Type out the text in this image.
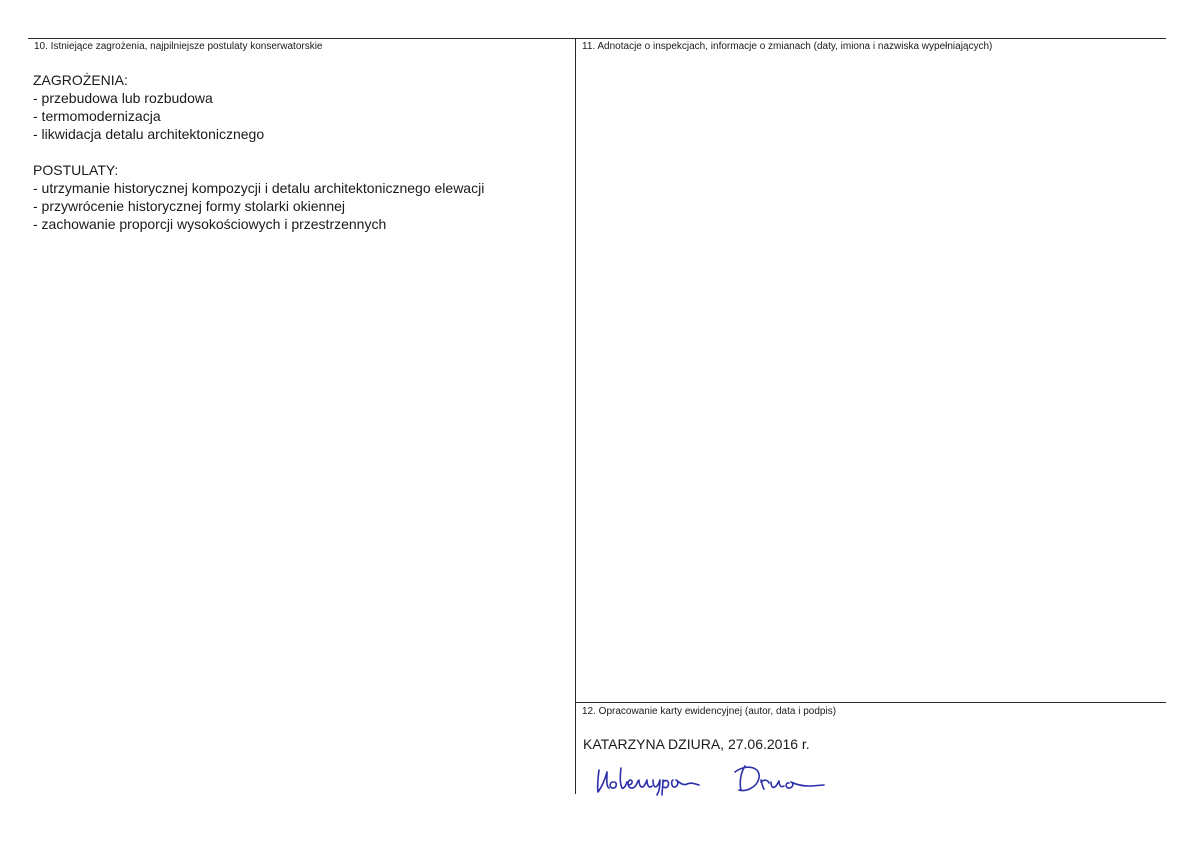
10. Istniejące zagrożenia, najpilniejsze postulaty konserwatorskie
ZAGROŻENIA:
- przebudowa lub rozbudowa
- termomodernizacja
- likwidacja detalu architektonicznego
POSTULATY:
- utrzymanie historycznej kompozycji i detalu architektonicznego elewacji
- przywrócenie historycznej formy stolarki okiennej
- zachowanie proporcji wysokościowych i przestrzennych
11. Adnotacje o inspekcjach, informacje o zmianach (daty, imiona i nazwiska wypełniających)
12. Opracowanie karty ewidencyjnej (autor, data i podpis)
KATARZYNA DZIURA, 27.06.2016 r.
